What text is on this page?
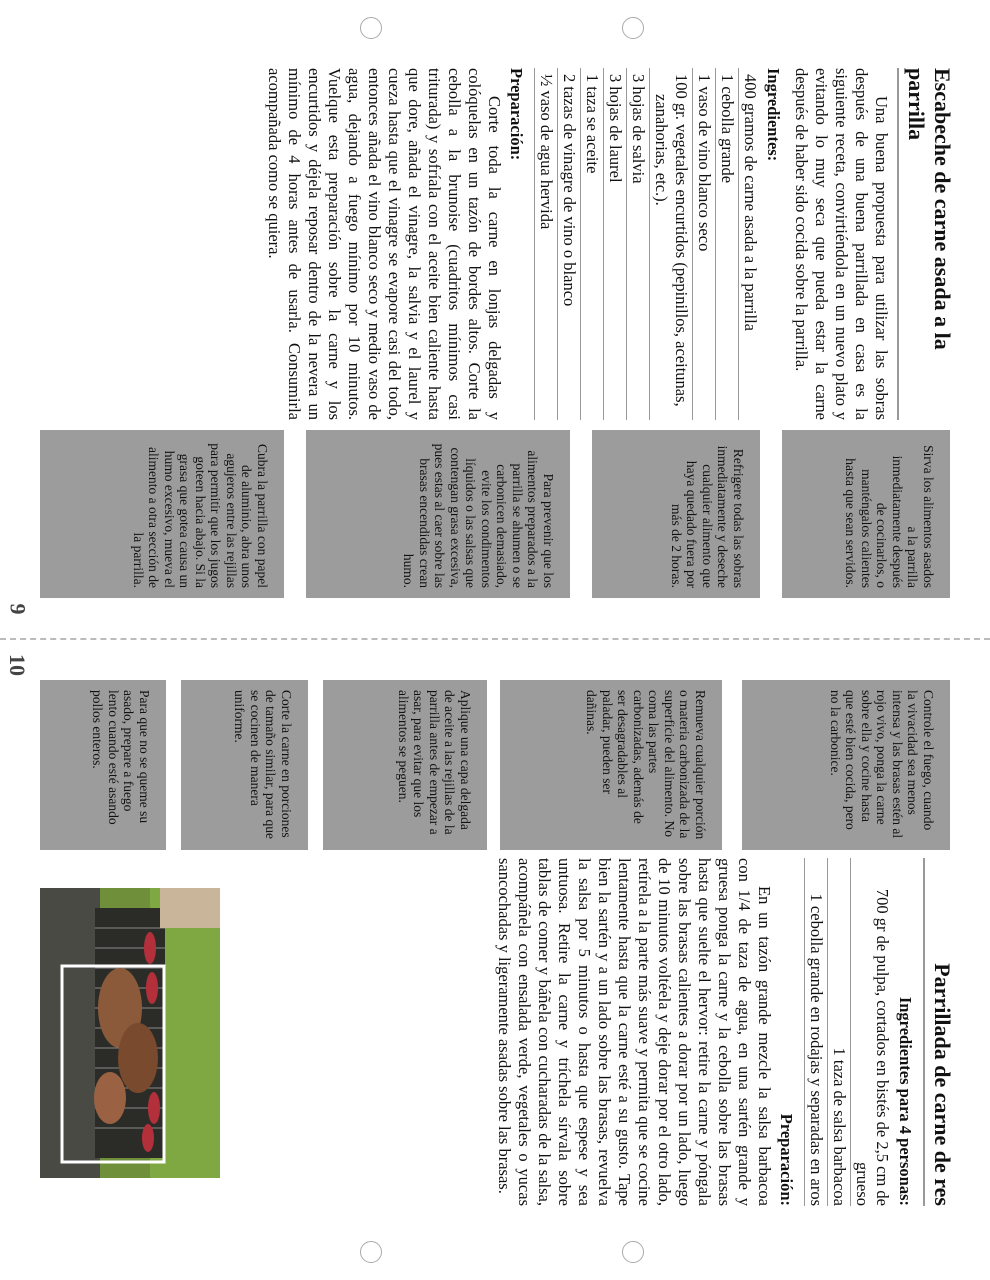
9
10
Escabeche de carne asada a la parrilla

Una buena propuesta para utilizar las sobras después de una buena parrillada en casa es la siguiente receta, convirtiéndola en un nuevo plato y evitando lo muy seca que pueda estar la carne después de haber sido cocida sobre la parrilla.

Ingredientes:
400 gramos de carne asada a la parrilla
1 cebolla grande
1 vaso de vino blanco seco
100 gr. vegetales encurtidos (pepinillos, aceitunas, zanahorias, etc.).
3 hojas de salvia
3 hojas de laurel
1 taza se aceite
2 tazas de vinagre de vino o blanco
½ vaso de agua hervida
Preparación:

Corte toda la carne en lonjas delgadas y colóquelas en un tazón de bordes altos. Corte la cebolla a la brunoise (cuadritos mínimos casi triturada) y sofríala con el aceite bien caliente hasta que dore, añada el vinagre, la salvia y el laurel y cueza hasta que el vinagre se evapore casi del todo, entonces añada el vino blanco seco y medio vaso de agua, dejando a fuego mínimo por 10 minutos. Vuelque esta preparación sobre la carne y los encurtidos y déjela reposar dentro de la nevera un mínimo de 4 horas antes de usarla. Consumirla acompañada como se quiera.

Sirva los alimentos asados a la parrilla inmediatamente después de cocinarlos, o manténgalos calientes hasta que sean servidos.
Refrigere todas las sobras inmediatamente y deseche cualquier alimento que haya quedado fuera por más de 2 horas.
Para prevenir que los alimentos preparados a la parrilla se ahumen o se carbonicen demasiado, evite los condimentos líquidos o las salsas que contengan grasa excesiva, pues estas al caer sobre las brasas encendidas crean humo.
Cubra la parrilla con papel de aluminio, abra unos agujeros entre las rejillas para permitir que los jugos goteen hacia abajo. Si la grasa que gotea causa un humo excesivo, mueva el alimento a otra sección de la parrilla.
Parrillada de carne de res
Ingredientes para 4 personas:
700 gr de pulpa, cortados en bistés de 2,5 cm de grueso
1 taza de salsa barbacoa
1 cebolla grande en rodajas y separadas en aros
Preparación:

En un tazón grande mezcle la salsa barbacoa con 1/4 de taza de agua, en una sartén grande y gruesa ponga la carne y la cebolla sobre las brasas hasta que suelte el hervor: retire la carne y póngala sobre las brasas calientes a dorar por un lado, luego de 10 minutos voltéela y deje dorar por el otro lado, retírela a la parte más suave y permita que se cocine lentamente hasta que la carne esté a su gusto. Tape bien la sartén y a un lado sobre las brasas, revuelva la salsa por 5 minutos o hasta que espese y sea untuosa. Retire la carne y tríchela sírvala sobre tablas de comer y báñela con cucharadas de la salsa, acompáñela con ensalada verde, vegetales o yucas sancochadas y ligeramente asadas sobre las brasas.

Controle el fuego, cuando la vivacidad sea menos intensa y las brasas estén al rojo vivo, ponga la carne sobre ella y cocine hasta que esté bien cocida, pero no la carbonice.
Remueva cualquier porción o materia carbonizada de la superficie del alimento. No coma las partes carbonizadas, además de ser desagradables al paladar, pueden ser dañinas.
Aplique una capa delgada de aceite a las rejillas de la parrilla antes de empezar a asar, para evitar que los alimentos se peguen.
Corte la carne en porciones de tamaño similar, para que se cocinen de manera uniforme.
Para que no se queme su asado, prepare a fuego lento cuando esté asando pollos enteros.
